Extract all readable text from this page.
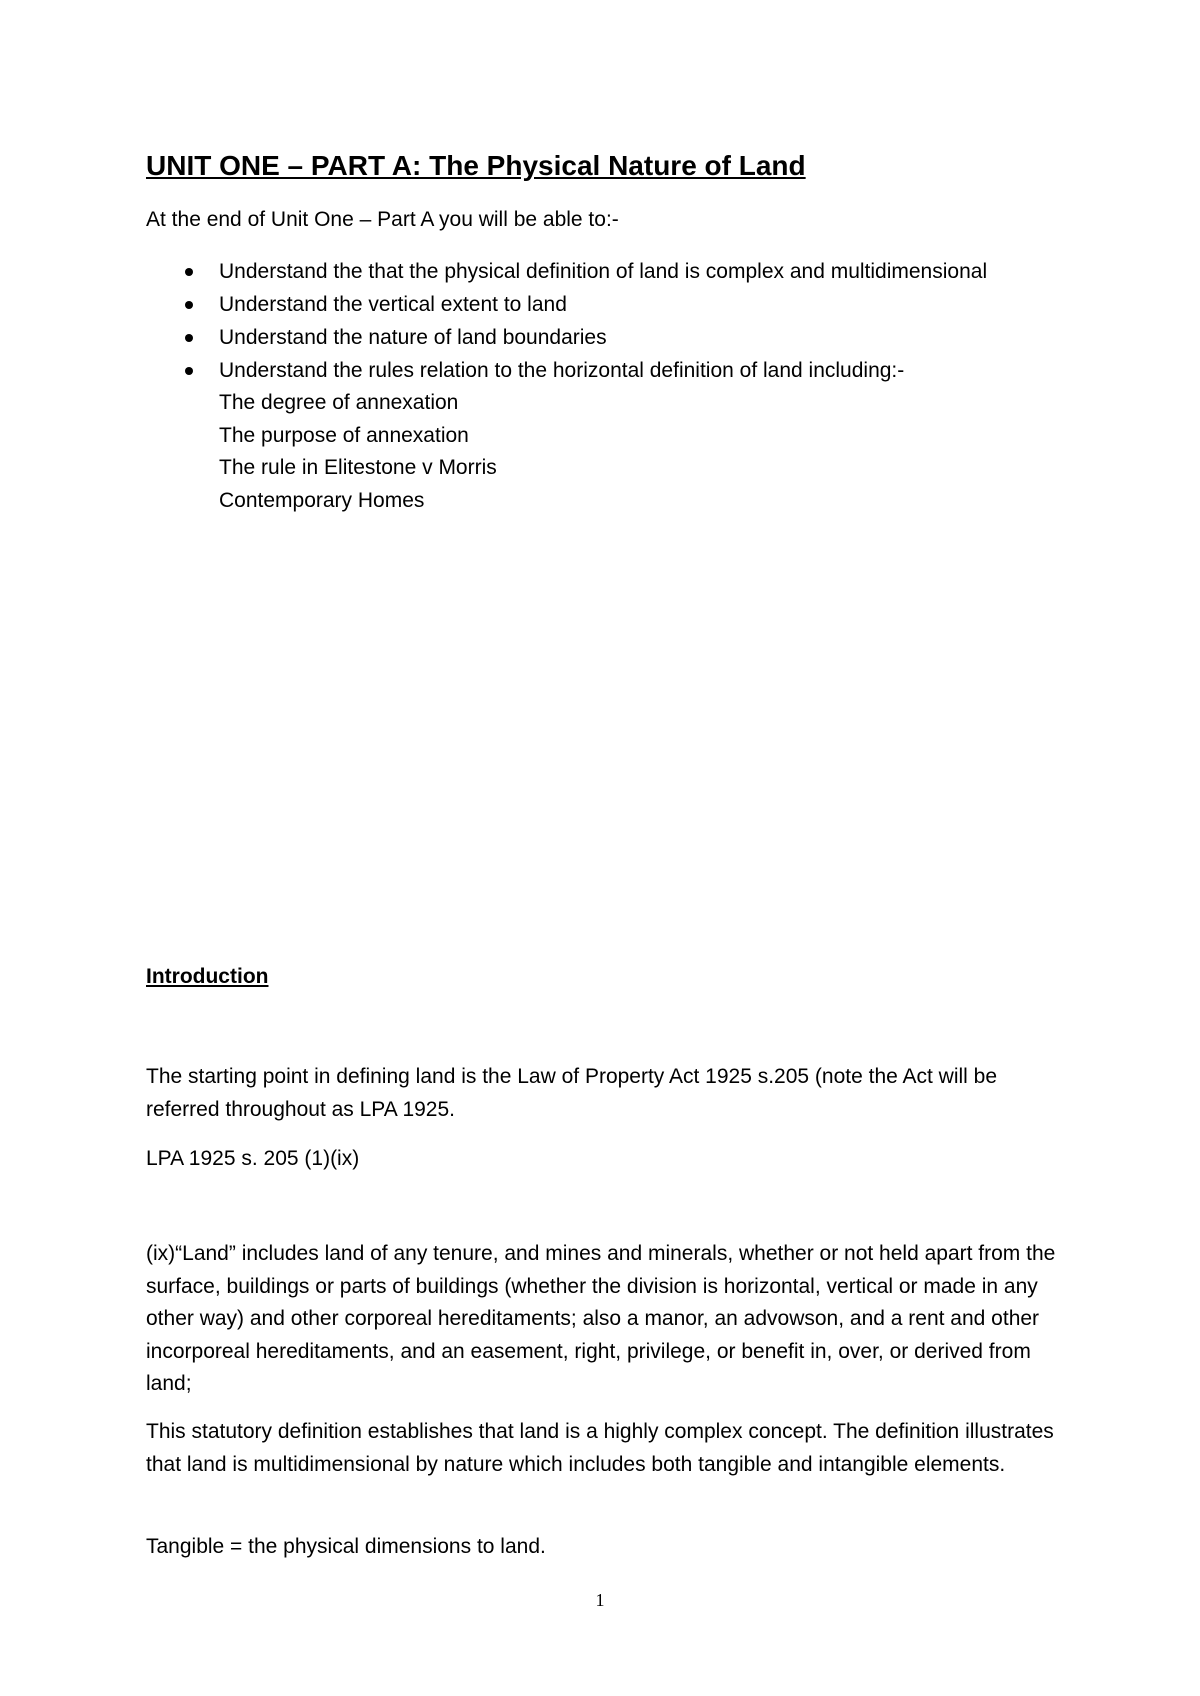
UNIT ONE – PART A: The Physical Nature of Land

At the end of Unit One – Part A you will be able to:-

Understand the that the physical definition of land is complex and multidimensional
Understand the vertical extent to land
Understand the nature of land boundaries
Understand the rules relation to the horizontal definition of land including:-
The degree of annexation
The purpose of annexation
The rule in Elitestone v Morris
Contemporary Homes
Introduction

The starting point in defining land is the Law of Property Act 1925 s.205 (note the Act will be referred throughout as LPA 1925.

LPA 1925 s. 205 (1)(ix)

(ix)“Land” includes land of any tenure, and mines and minerals, whether or not held apart from the surface, buildings or parts of buildings (whether the division is horizontal, vertical or made in any other way) and other corporeal hereditaments; also a manor, an advowson, and a rent and other incorporeal hereditaments, and an easement, right, privilege, or benefit in, over, or derived from land;

This statutory definition establishes that land is a highly complex concept. The definition illustrates that land is multidimensional by nature which includes both tangible and intangible elements.

Tangible = the physical dimensions to land.

1
